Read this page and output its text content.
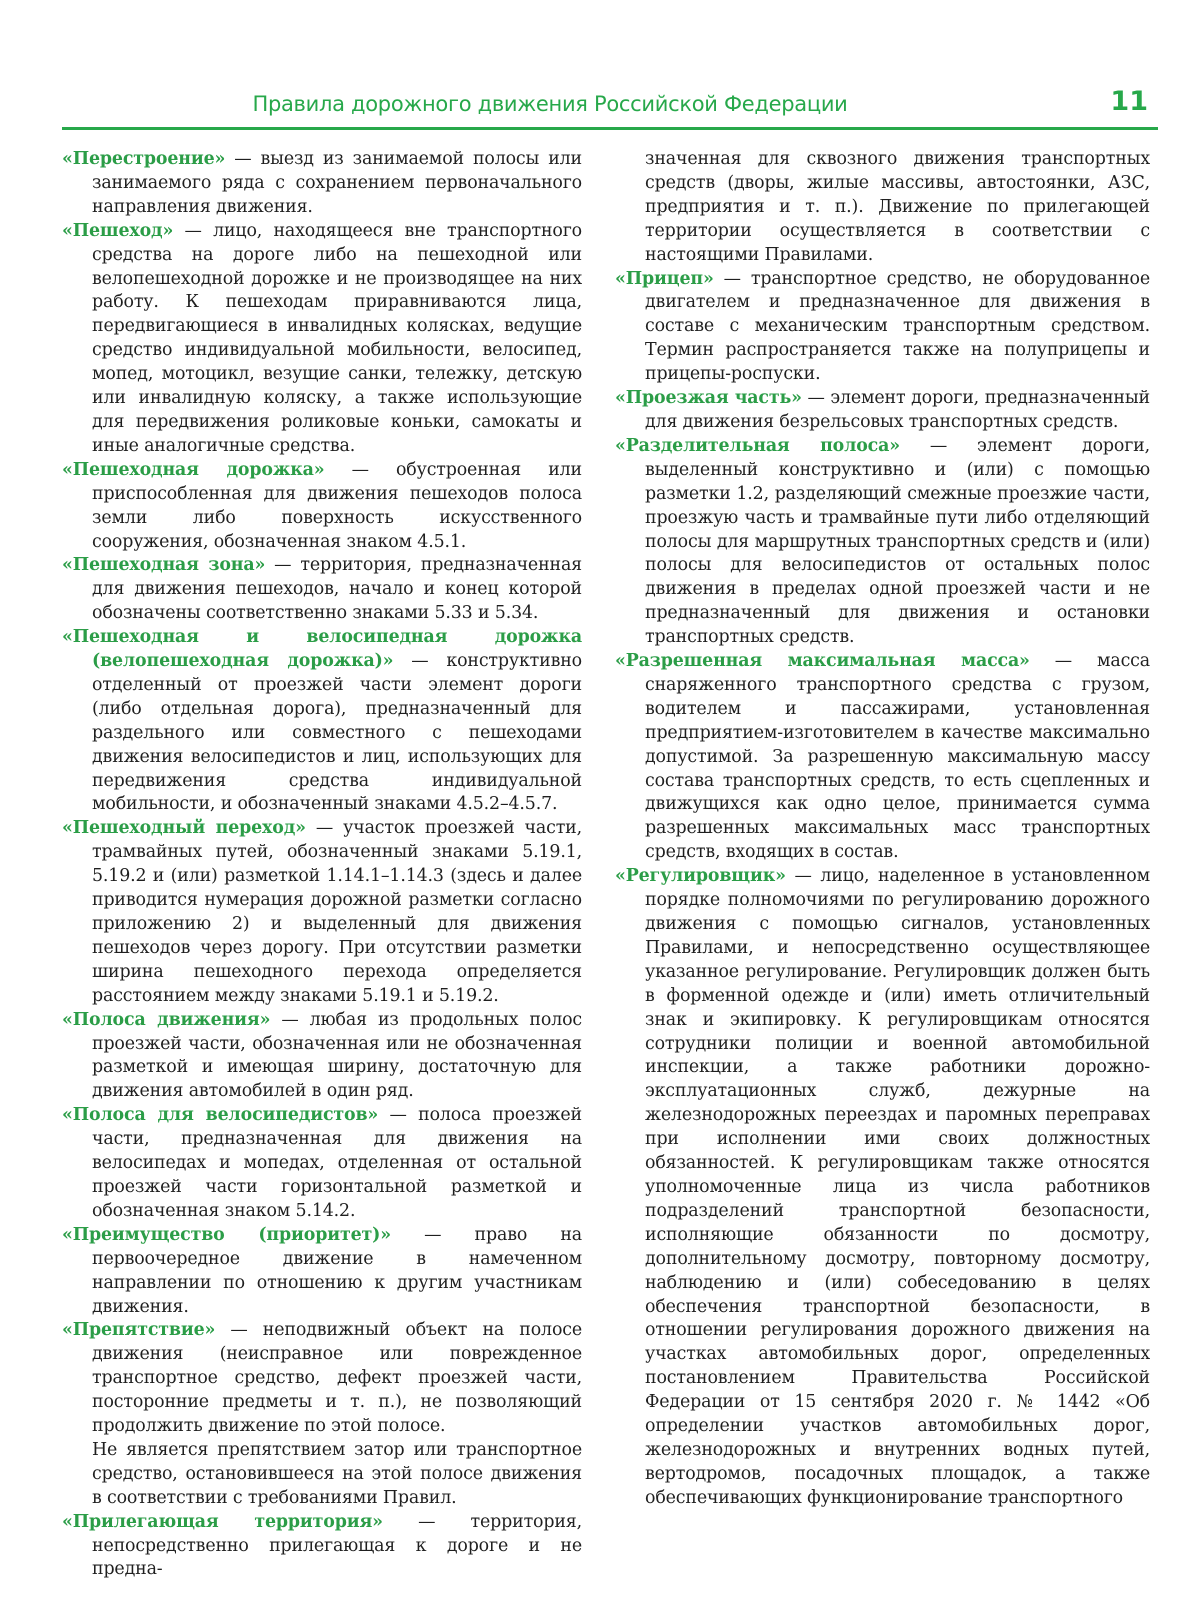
Правила дорожного движения Российской Федерации	11

«Перестроение» — выезд из занимаемой полосы или занимаемого ряда с сохранением первоначального направления движения.

«Пешеход» — лицо, находящееся вне транспортного средства на дороге либо на пешеходной или велопешеходной дорожке и не производящее на них работу. К пешеходам приравниваются лица, передвигающиеся в инвалидных колясках, ведущие средство индивидуальной мобильности, велосипед, мопед, мотоцикл, везущие санки, тележку, детскую или инвалидную коляску, а также использующие для передвижения роликовые коньки, самокаты и иные аналогичные средства.

«Пешеходная дорожка» — обустроенная или приспособленная для движения пешеходов полоса земли либо поверхность искусственного сооружения, обозначенная знаком 4.5.1.

«Пешеходная зона» — территория, предназначенная для движения пешеходов, начало и конец которой обозначены соответственно знаками 5.33 и 5.34.

«Пешеходная и велосипедная дорожка (велопешеходная дорожка)» — конструктивно отделенный от проезжей части элемент дороги (либо отдельная дорога), предназначенный для раздельного или совместного с пешеходами движения велосипедистов и лиц, использующих для передвижения средства индивидуальной мобильности, и обозначенный знаками 4.5.2–4.5.7.

«Пешеходный переход» — участок проезжей части, трамвайных путей, обозначенный знаками 5.19.1, 5.19.2 и (или) разметкой 1.14.1–1.14.3 (здесь и далее приводится нумерация дорожной разметки согласно приложению 2) и выделенный для движения пешеходов через дорогу. При отсутствии разметки ширина пешеходного перехода определяется расстоянием между знаками 5.19.1 и 5.19.2.

«Полоса движения» — любая из продольных полос проезжей части, обозначенная или не обозначенная разметкой и имеющая ширину, достаточную для движения автомобилей в один ряд.

«Полоса для велосипедистов» — полоса проезжей части, предназначенная для движения на велосипедах и мопедах, отделенная от остальной проезжей части горизонтальной разметкой и обозначенная знаком 5.14.2.

«Преимущество (приоритет)» — право на первоочередное движение в намеченном направлении по отношению к другим участникам движения.

«Препятствие» — неподвижный объект на полосе движения (неисправное или поврежденное транспортное средство, дефект проезжей части, посторонние предметы и т. п.), не позволяющий продолжить движение по этой полосе.

Не является препятствием затор или транспортное средство, остановившееся на этой полосе движения в соответствии с требованиями Правил.

«Прилегающая территория» — территория, непосредственно прилегающая к дороге и не предна-

значенная для сквозного движения транспортных средств (дворы, жилые массивы, автостоянки, АЗС, предприятия и т. п.). Движение по прилегающей территории осуществляется в соответствии с настоящими Правилами.

«Прицеп» — транспортное средство, не оборудованное двигателем и предназначенное для движения в составе с механическим транспортным средством. Термин распространяется также на полуприцепы и прицепы-роспуски.

«Проезжая часть» — элемент дороги, предназначенный для движения безрельсовых транспортных средств.

«Разделительная полоса» — элемент дороги, выделенный конструктивно и (или) с помощью разметки 1.2, разделяющий смежные проезжие части, проезжую часть и трамвайные пути либо отделяющий полосы для маршрутных транспортных средств и (или) полосы для велосипедистов от остальных полос движения в пределах одной проезжей части и не предназначенный для движения и остановки транспортных средств.

«Разрешенная максимальная масса» — масса снаряженного транспортного средства с грузом, водителем и пассажирами, установленная предприятием-изготовителем в качестве максимально допустимой. За разрешенную максимальную массу состава транспортных средств, то есть сцепленных и движущихся как одно целое, принимается сумма разрешенных максимальных масс транспортных средств, входящих в состав.

«Регулировщик» — лицо, наделенное в установленном порядке полномочиями по регулированию дорожного движения с помощью сигналов, установленных Правилами, и непосредственно осуществляющее указанное регулирование. Регулировщик должен быть в форменной одежде и (или) иметь отличительный знак и экипировку. К регулировщикам относятся сотрудники полиции и военной автомобильной инспекции, а также работники дорожно-эксплуатационных служб, дежурные на железнодорожных переездах и паромных переправах при исполнении ими своих должностных обязанностей. К регулировщикам также относятся уполномоченные лица из числа работников подразделений транспортной безопасности, исполняющие обязанности по досмотру, дополнительному досмотру, повторному досмотру, наблюдению и (или) собеседованию в целях обеспечения транспортной безопасности, в отношении регулирования дорожного движения на участках автомобильных дорог, определенных постановлением Правительства Российской Федерации от 15 сентября 2020 г. № 1442 «Об определении участков автомобильных дорог, железнодорожных и внутренних водных путей, вертодромов, посадочных площадок, а также обеспечивающих функционирование транспортного
